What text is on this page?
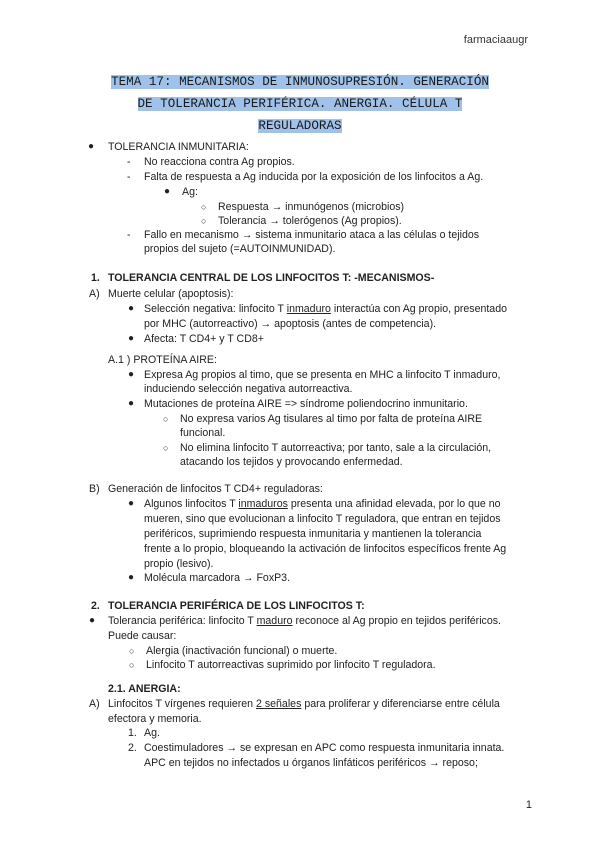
farmaciaaugr
TEMA 17: MECANISMOS DE INMUNOSUPRESIÓN. GENERACIÓN
DE TOLERANCIA PERIFÉRICA. ANERGIA. CÉLULA T
REGULADORAS
● TOLERANCIA INMUNITARIA:
- No reacciona contra Ag propios.
- Falta de respuesta a Ag inducida por la exposición de los linfocitos a Ag.
● Ag:
○ Respuesta → inmunógenos (microbios)
○ Tolerancia → tolerógenos (Ag propios).
- Fallo en mecanismo → sistema inmunitario ataca a las células o tejidos
propios del sujeto (=AUTOINMUNIDAD).
1. TOLERANCIA CENTRAL DE LOS LINFOCITOS T: -MECANISMOS-
A) Muerte celular (apoptosis):
● Selección negativa: linfocito T inmaduro interactúa con Ag propio, presentado
por MHC (autorreactivo) → apoptosis (antes de competencia).
● Afecta: T CD4+ y T CD8+
A.1 ) PROTEÍNA AIRE:
● Expresa Ag propios al timo, que se presenta en MHC a linfocito T inmaduro,
induciendo selección negativa autorreactiva.
● Mutaciones de proteína AIRE => síndrome poliendocrino inmunitario.
○ No expresa varios Ag tisulares al timo por falta de proteína AIRE
funcional.
○ No elimina linfocito T autorreactiva; por tanto, sale a la circulación,
atacando los tejidos y provocando enfermedad.
B) Generación de linfocitos T CD4+ reguladoras:
● Algunos linfocitos T inmaduros presenta una afinidad elevada, por lo que no
mueren, sino que evolucionan a linfocito T reguladora, que entran en tejidos
periféricos, suprimiendo respuesta inmunitaria y mantienen la tolerancia
frente a lo propio, bloqueando la activación de linfocitos específicos frente Ag
propio (lesivo).
● Molécula marcadora → FoxP3.
2. TOLERANCIA PERIFÉRICA DE LOS LINFOCITOS T:
● Tolerancia periférica: linfocito T maduro reconoce al Ag propio en tejidos periféricos.
Puede causar:
○ Alergia (inactivación funcional) o muerte.
○ Linfocito T autorreactivas suprimido por linfocito T reguladora.
2.1. ANERGIA:
A) Linfocitos T vírgenes requieren 2 señales para proliferar y diferenciarse entre célula
efectora y memoria.
1. Ag.
2. Coestimuladores → se expresan en APC como respuesta inmunitaria innata.
APC en tejidos no infectados u órganos linfáticos periféricos → reposo;
1
